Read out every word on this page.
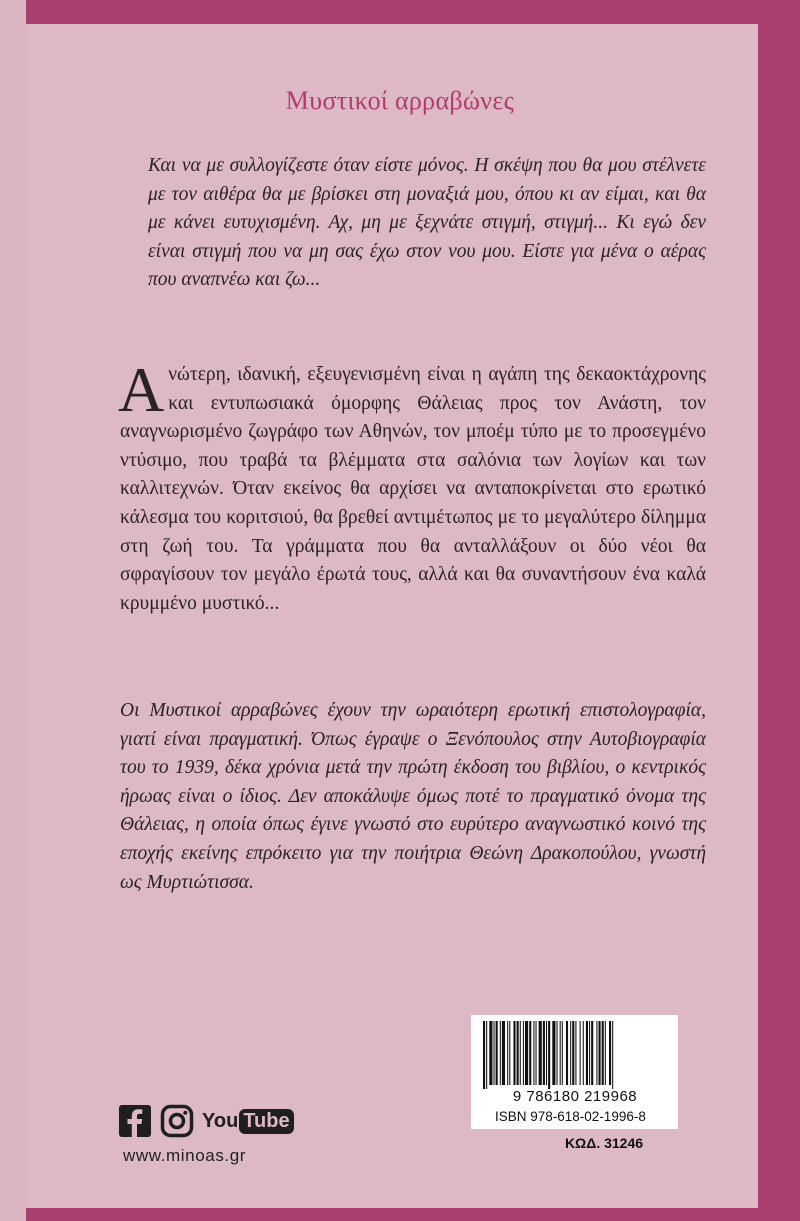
Μυστικοί αρραβώνες
Και να με συλλογίζεστε όταν είστε μόνος. Η σκέψη που θα μου στέλνετε με τον αιθέρα θα με βρίσκει στη μοναξιά μου, όπου κι αν είμαι, και θα με κάνει ευτυχισμένη. Αχ, μη με ξεχνάτε στιγμή, στιγμή... Κι εγώ δεν είναι στιγμή που να μη σας έχω στον νου μου. Είστε για μένα ο αέρας που αναπνέω και ζω...
Ανώτερη, ιδανική, εξευγενισμένη είναι η αγάπη της δεκαοκτάχρονης και εντυπωσιακά όμορφης Θάλειας προς τον Ανάστη, τον αναγνωρισμένο ζωγράφο των Αθηνών, τον μποέμ τύπο με το προσεγμένο ντύσιμο, που τραβά τα βλέμματα στα σαλόνια των λογίων και των καλλιτεχνών. Όταν εκείνος θα αρχίσει να ανταποκρίνεται στο ερωτικό κάλεσμα του κοριτσιού, θα βρεθεί αντιμέτωπος με το μεγαλύτερο δίλημμα στη ζωή του. Τα γράμματα που θα ανταλλάξουν οι δύο νέοι θα σφραγίσουν τον μεγάλο έρωτά τους, αλλά και θα συναντήσουν ένα καλά κρυμμένο μυστικό...
Οι Μυστικοί αρραβώνες έχουν την ωραιότερη ερωτική επιστολογραφία, γιατί είναι πραγματική. Όπως έγραψε ο Ξενόπουλος στην Αυτοβιογραφία του το 1939, δέκα χρόνια μετά την πρώτη έκδοση του βιβλίου, ο κεντρικός ήρωας είναι ο ίδιος. Δεν αποκάλυψε όμως ποτέ το πραγματικό όνομα της Θάλειας, η οποία όπως έγινε γνωστό στο ευρύτερο αναγνωστικό κοινό της εποχής εκείνης επρόκειτο για την ποιήτρια Θεώνη Δρακοπούλου, γνωστή ως Μυρτιώτισσα.
9 786180 219968
ISBN 978-618-02-1996-8
ΚΩΔ. 31246
You Tube
www.minoas.gr
